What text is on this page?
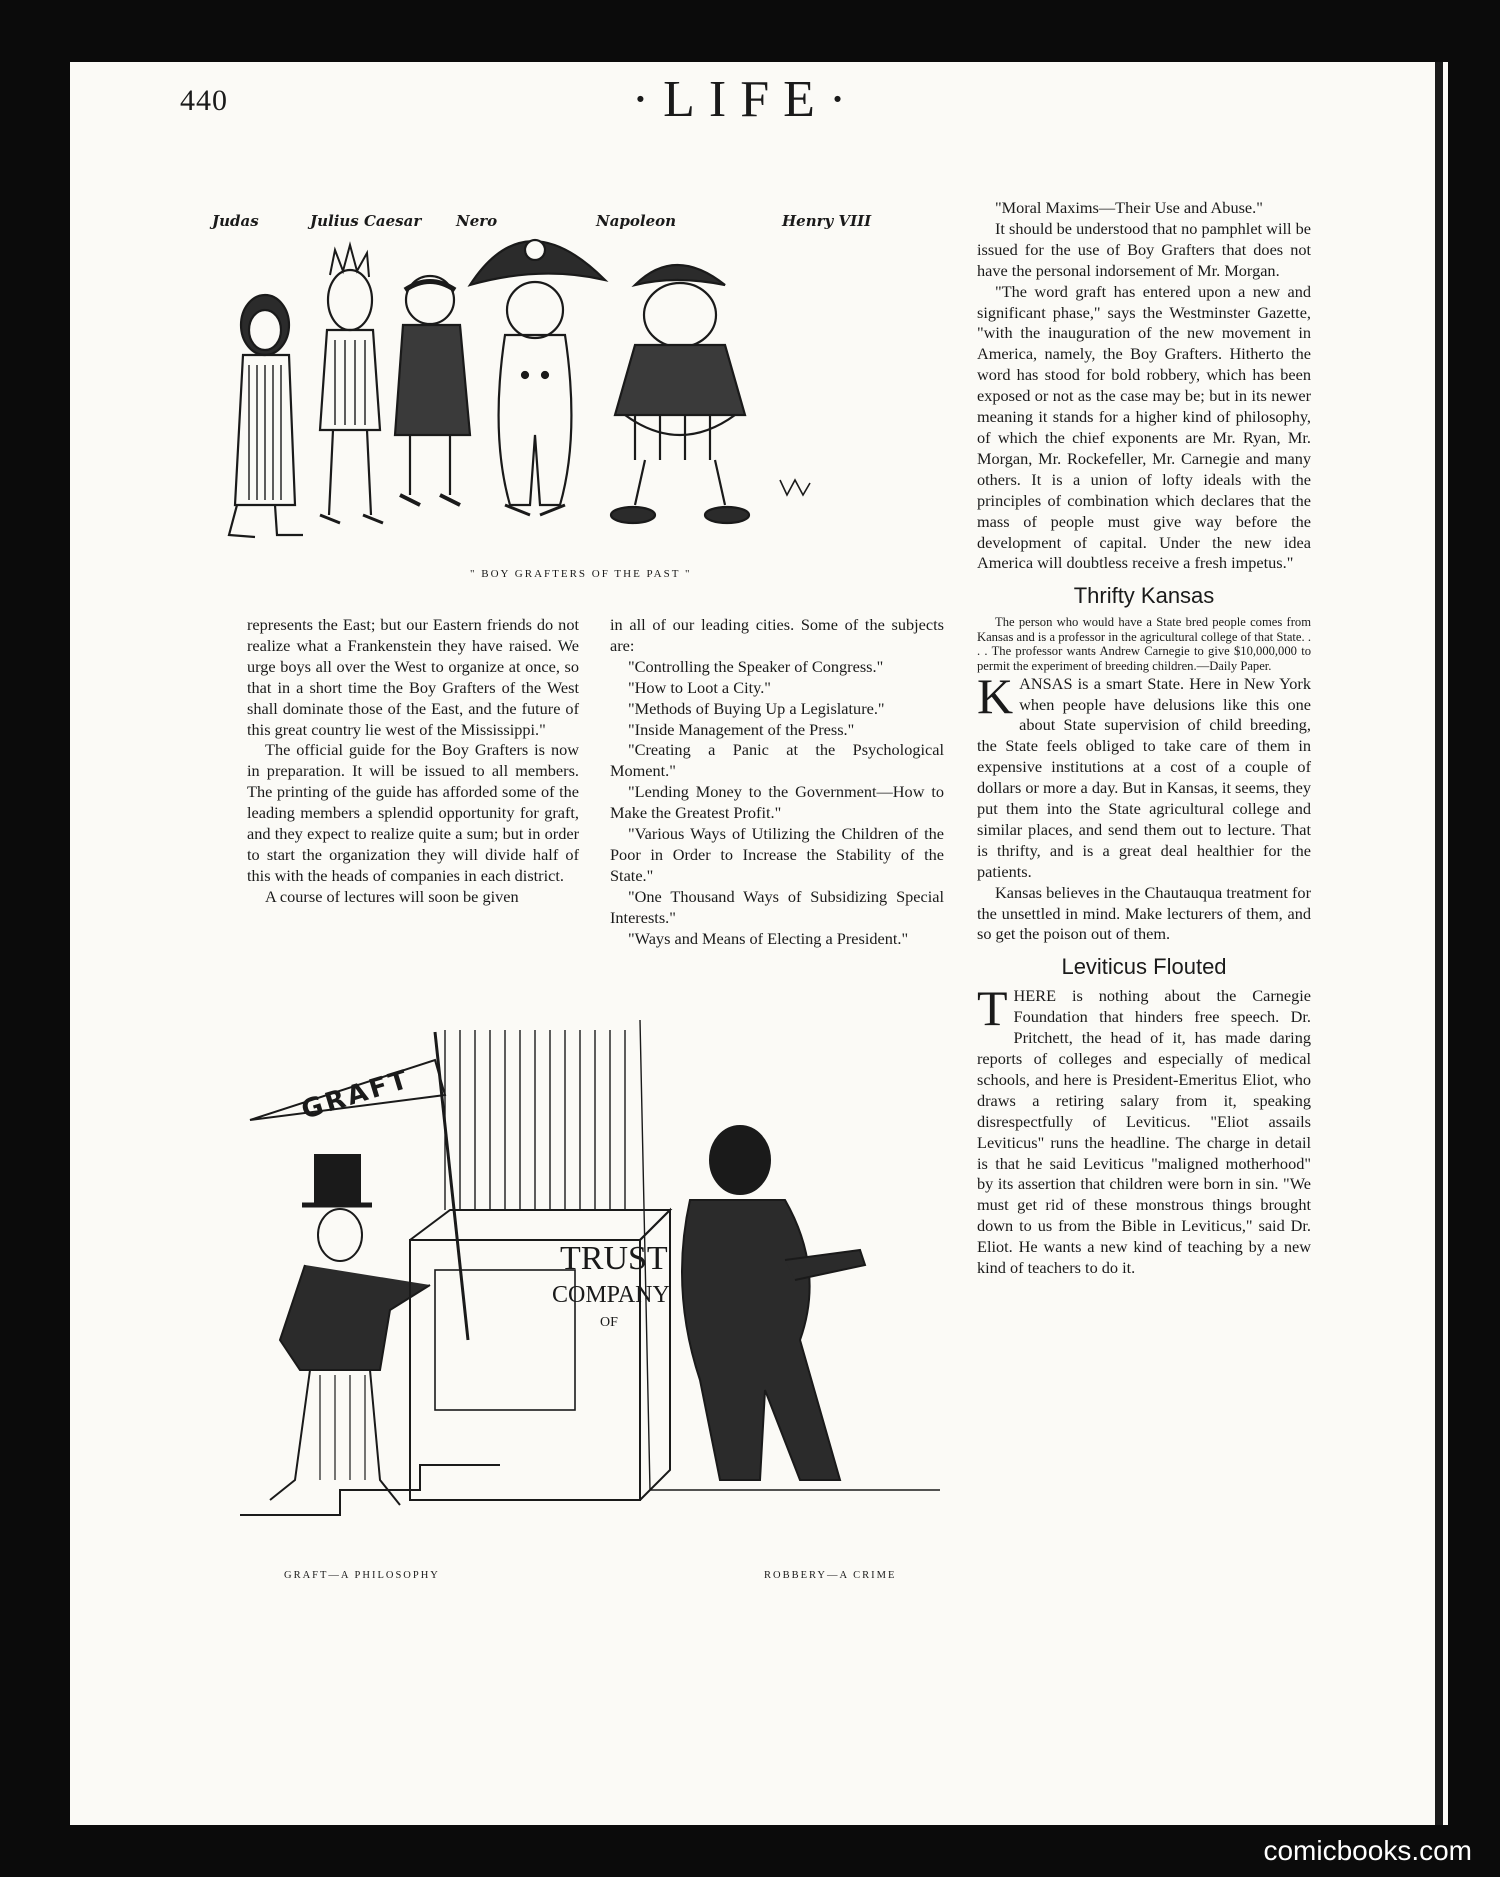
440	·LIFE·
Judas	Julius Caesar Nero	Napoleon	Henry VIII
" BOY GRAFTERS OF THE PAST "

represents the East; but our Eastern friends do not realize what a Frankenstein they have raised. We urge boys all over the West to organize at once, so that in a short time the Boy Grafters of the West shall dominate those of the East, and the future of this great country lie west of the Mississippi."

The official guide for the Boy Grafters is now in preparation. It will be issued to all members. The printing of the guide has afforded some of the leading members a splendid opportunity for graft, and they expect to realize quite a sum; but in order to start the organization they will divide half of this with the heads of companies in each district.

A course of lectures will soon be given

in all of our leading cities. Some of the subjects are:

"Controlling the Speaker of Congress."

"How to Loot a City."

"Methods of Buying Up a Legislature."

"Inside Management of the Press."

"Creating a Panic at the Psychological Moment."

"Lending Money to the Government—How to Make the Greatest Profit."

"Various Ways of Utilizing the Children of the Poor in Order to Increase the Stability of the State."

"One Thousand Ways of Subsidizing Special Interests."

"Ways and Means of Electing a President."

"Moral Maxims—Their Use and Abuse."

It should be understood that no pamphlet will be issued for the use of Boy Grafters that does not have the personal indorsement of Mr. Morgan.

"The word graft has entered upon a new and significant phase," says the Westminster Gazette, "with the inauguration of the new movement in America, namely, the Boy Grafters. Hitherto the word has stood for bold robbery, which has been exposed or not as the case may be; but in its newer meaning it stands for a higher kind of philosophy, of which the chief exponents are Mr. Ryan, Mr. Morgan, Mr. Rockefeller, Mr. Carnegie and many others. It is a union of lofty ideals with the principles of combination which declares that the mass of people must give way before the development of capital. Under the new idea America will doubtless receive a fresh impetus."

Thrifty Kansas

The person who would have a State bred people comes from Kansas and is a professor in the agricultural college of that State. . . . The professor wants Andrew Carnegie to give $10,000,000 to permit the experiment of breeding children.—Daily Paper.

KANSAS is a smart State. Here in New York when people have delusions like this one about State supervision of child breeding, the State feels obliged to take care of them in expensive institutions at a cost of a couple of dollars or more a day. But in Kansas, it seems, they put them into the State agricultural college and similar places, and send them out to lecture. That is thrifty, and is a great deal healthier for the patients.

Kansas believes in the Chautauqua treatment for the unsettled in mind. Make lecturers of them, and so get the poison out of them.

Leviticus Flouted

THERE is nothing about the Carnegie Foundation that hinders free speech. Dr. Pritchett, the head of it, has made daring reports of colleges and especially of medical schools, and here is President-Emeritus Eliot, who draws a retiring salary from it, speaking disrespectfully of Leviticus. "Eliot assails Leviticus" runs the headline. The charge in detail is that he said Leviticus "maligned motherhood" by its assertion that children were born in sin. "We must get rid of these monstrous things brought down to us from the Bible in Leviticus," said Dr. Eliot. He wants a new kind of teaching by a new kind of teachers to do it.

GRAFT
TRUST
COMPANY
OF
GRAFT—A PHILOSOPHY	ROBBERY—A CRIME
comicbooks.com
